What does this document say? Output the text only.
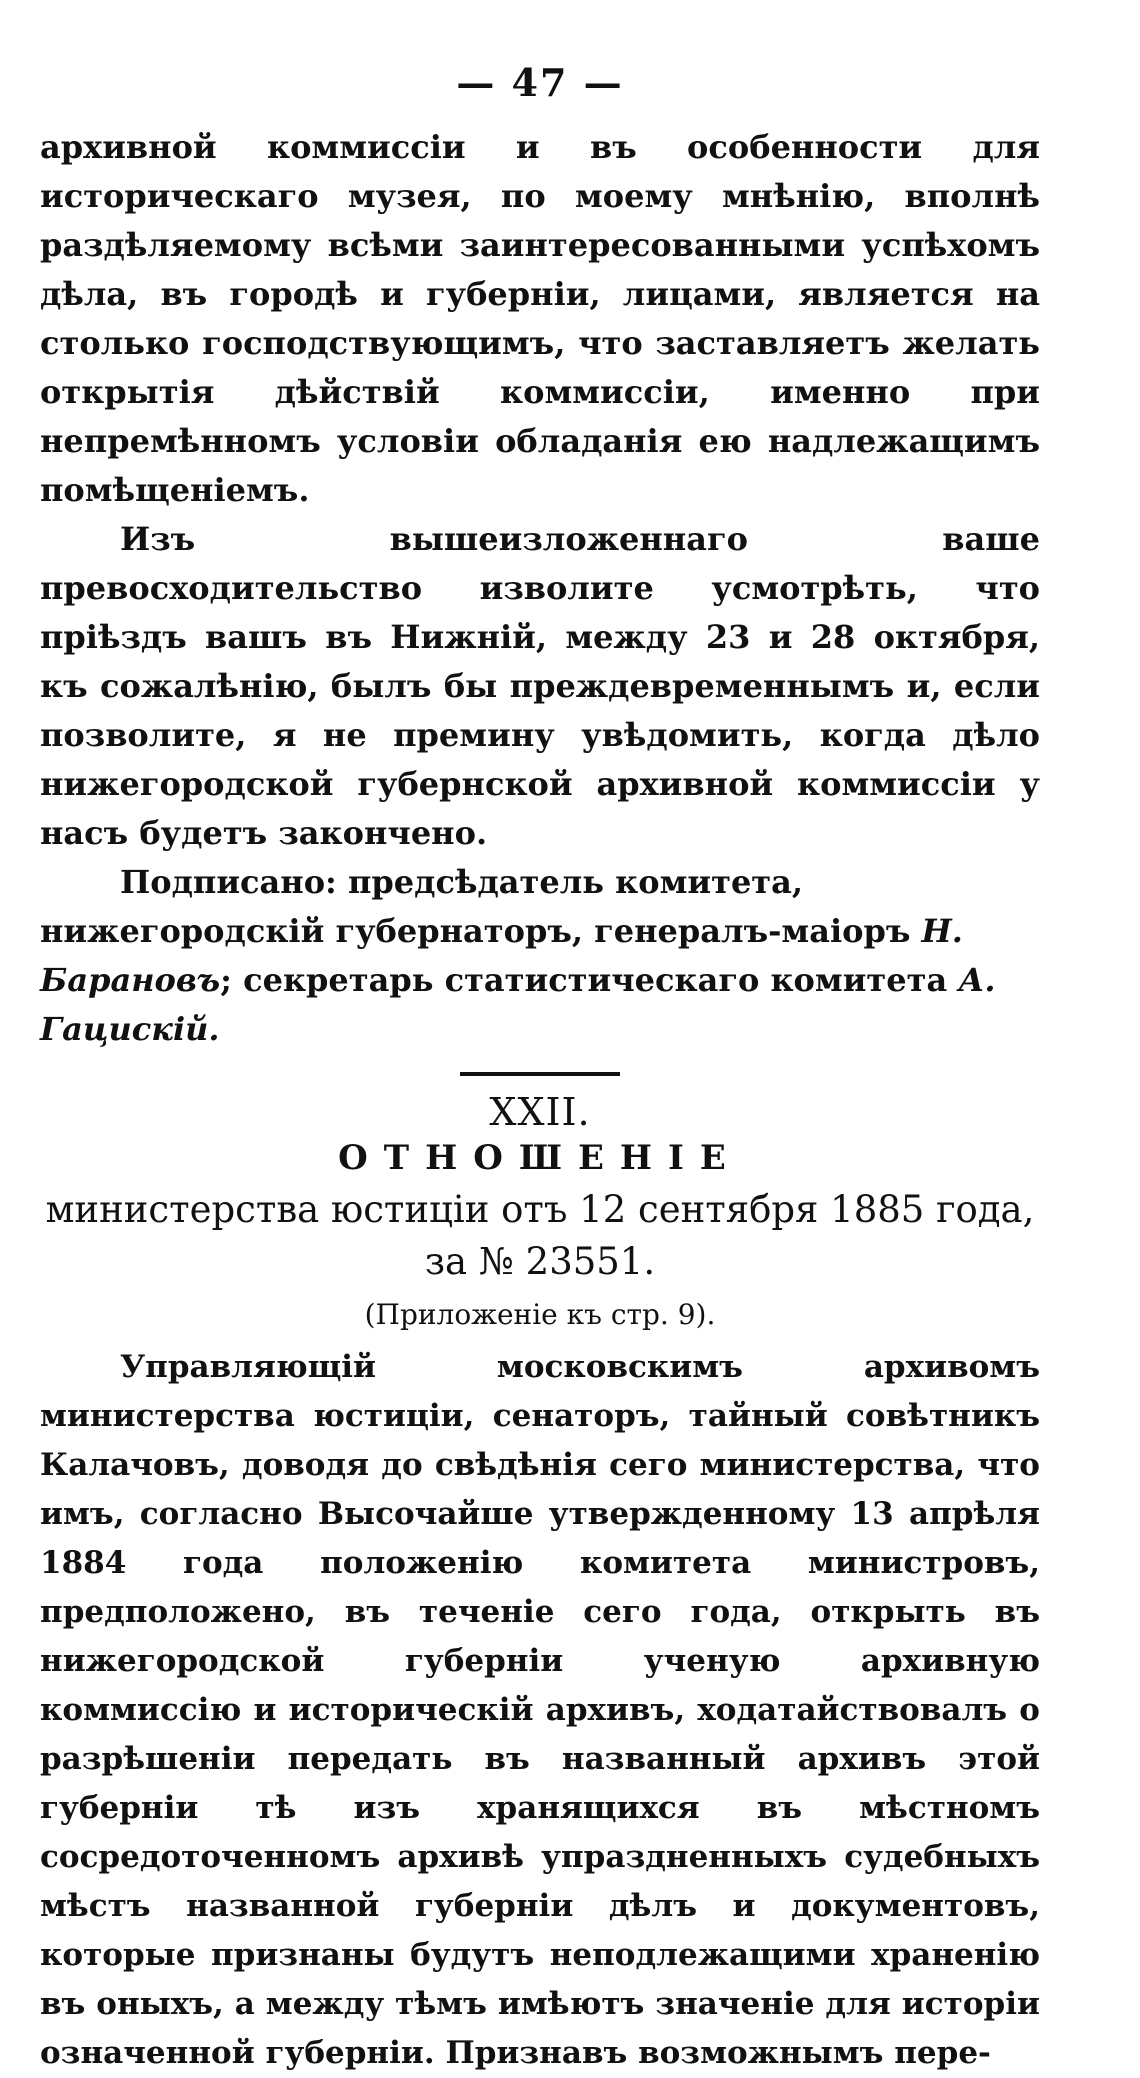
— 47 —

архивной коммиссіи и въ особенности для историческаго музея, по моему мнѣнію, вполнѣ раздѣляемому всѣми заинтересованными успѣхомъ дѣла, въ городѣ и губерніи, лицами, является на столько господствующимъ, что заставляетъ желать открытія дѣйствій коммиссіи, именно при непремѣнномъ условіи обладанія ею надлежащимъ помѣщеніемъ.

Изъ вышеизложеннаго ваше превосходительство изволите усмотрѣть, что пріѣздъ вашъ въ Нижній, между 23 и 28 октября, къ сожалѣнію, былъ бы преждевременнымъ и, если позволите, я не премину увѣдомить, когда дѣло нижегородской губернской архивной коммиссіи у насъ будетъ закончено.

Подписано: предсѣдатель комитета, нижегородскій губернаторъ, генералъ-маіоръ Н. Барановъ; секретарь статистическаго комитета А. Гацискій.

XXII.
ОТНОШЕНІЕ

министерства юстиціи отъ 12 сентября 1885 года, за № 23551.

(Приложеніе къ стр. 9).

Управляющій московскимъ архивомъ министерства юстиціи, сенаторъ, тайный совѣтникъ Калачовъ, доводя до свѣдѣнія сего министерства, что имъ, согласно Высочайше утвержденному 13 апрѣля 1884 года положенію комитета министровъ, предположено, въ теченіе сего года, открыть въ нижегородской губерніи ученую архивную коммиссію и историческій архивъ, ходатайствовалъ о разрѣшеніи передать въ названный архивъ этой губерніи тѣ изъ хранящихся въ мѣстномъ сосредоточенномъ архивѣ упраздненныхъ судебныхъ мѣстъ названной губерніи дѣлъ и документовъ, которые признаны будутъ неподлежащими храненію въ оныхъ, а между тѣмъ имѣютъ значеніе для исторіи означенной губерніи. Признавъ возможнымъ пере-
